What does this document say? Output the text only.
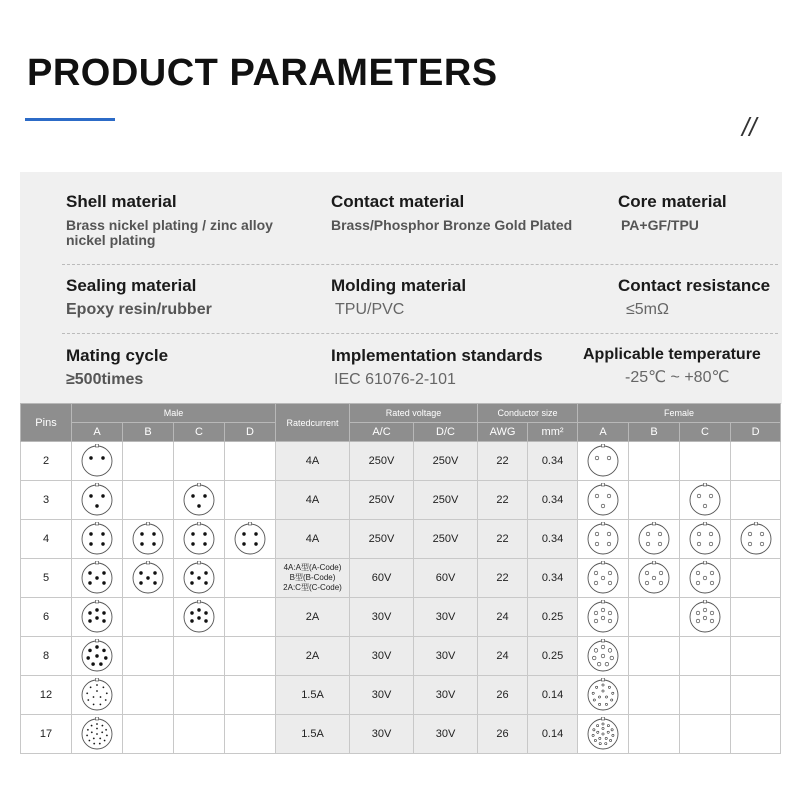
PRODUCT PARAMETERS
//
Shell material
Brass nickel plating / zinc alloy nickel plating
Contact material
Brass/Phosphor Bronze Gold Plated
Core material
PA+GF/TPU
Sealing material
Epoxy resin/rubber
Molding material
TPU/PVC
Contact resistance
≤5mΩ
Mating cycle
≥500times
Implementation standards
IEC 61076-2-101
Applicable temperature
-25℃ ~ +80℃
Pins	Male				Ratedcurrent	Rated voltage		Conductor size		Female			
	A	B	C	D		A/C	D/C	AWG	mm²	A	B	C	D
2					4A	250V	250V	22	0.34	

3					4A	250V	250V	22	0.34	

4					4A	250V	250V	22	0.34	

5					4A:A型(A-Code)
B型(B-Code)
2A:C型(C-Code)	60V	60V	22	0.34	

6					2A	30V	30V	24	0.25	

8					2A	30V	30V	24	0.25	

12					1.5A	30V	30V	26	0.14	

17					1.5A	30V	30V	26	0.14	
